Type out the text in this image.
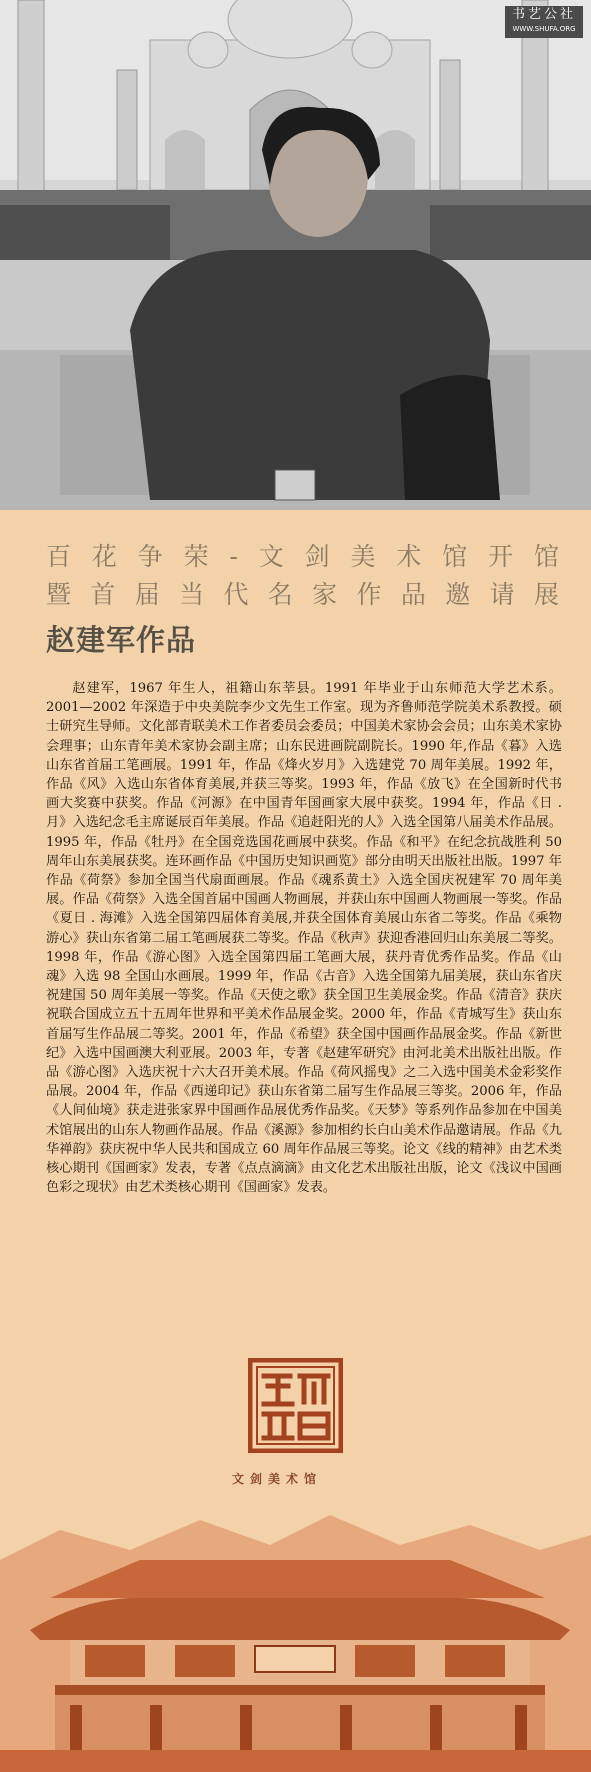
书艺公社
WWW.SHUFA.ORG
百花争荣-文剑美术馆开馆
暨首届当代名家作品邀请展
赵建军作品
赵建军，1967 年生人，祖籍山东莘县。1991 年毕业于山东师范大学艺术系。2001—2002 年深造于中央美院李少文先生工作室。现为齐鲁师范学院美术系教授。硕士研究生导师。文化部青联美术工作者委员会委员；中国美术家协会会员；山东美术家协会理事；山东青年美术家协会副主席；山东民进画院副院长。1990 年,作品《暮》入选山东省首届工笔画展。1991 年，作品《烽火岁月》入选建党 70 周年美展。1992 年，作品《风》入选山东省体育美展,并获三等奖。1993 年，作品《放飞》在全国新时代书画大奖赛中获奖。作品《河源》在中国青年国画家大展中获奖。1994 年，作品《日 . 月》入选纪念毛主席诞辰百年美展。作品《追赶阳光的人》入选全国第八届美术作品展。1995 年，作品《牡丹》在全国竞选国花画展中获奖。作品《和平》在纪念抗战胜利 50 周年山东美展获奖。连环画作品《中国历史知识画览》部分由明天出版社出版。1997 年作品《荷祭》参加全国当代扇面画展。作品《魂系黄土》入选全国庆祝建军 70 周年美展。作品《荷祭》入选全国首届中国画人物画展，并获山东中国画人物画展一等奖。作品《夏日 . 海滩》入选全国第四届体育美展,并获全国体育美展山东省二等奖。作品《乘物游心》获山东省第二届工笔画展获二等奖。作品《秋声》获迎香港回归山东美展二等奖。1998 年，作品《游心图》入选全国第四届工笔画大展，获丹青优秀作品奖。作品《山魂》入选 98 全国山水画展。1999 年，作品《古音》入选全国第九届美展，获山东省庆祝建国 50 周年美展一等奖。作品《天使之歌》获全国卫生美展金奖。作品《清音》获庆祝联合国成立五十五周年世界和平美术作品展金奖。2000 年，作品《青城写生》获山东首届写生作品展二等奖。2001 年，作品《希望》获全国中国画作品展金奖。作品《新世纪》入选中国画澳大利亚展。2003 年，专著《赵建军研究》由河北美术出版社出版。作品《游心图》入选庆祝十六大召开美术展。作品《荷风摇曳》之二入选中国美术金彩奖作品展。2004 年，作品《西递印记》获山东省第二届写生作品展三等奖。2006 年，作品《人间仙境》获走进张家界中国画作品展优秀作品奖。《天梦》等系列作品参加在中国美术馆展出的山东人物画作品展。作品《溪源》参加相约长白山美术作品邀请展。作品《九华禅韵》获庆祝中华人民共和国成立 60 周年作品展三等奖。论文《线的精神》由艺术类核心期刊《国画家》发表，专著《点点滴滴》由文化艺术出版社出版，论文《浅议中国画色彩之现状》由艺术类核心期刊《国画家》发表。
文剑美术馆
